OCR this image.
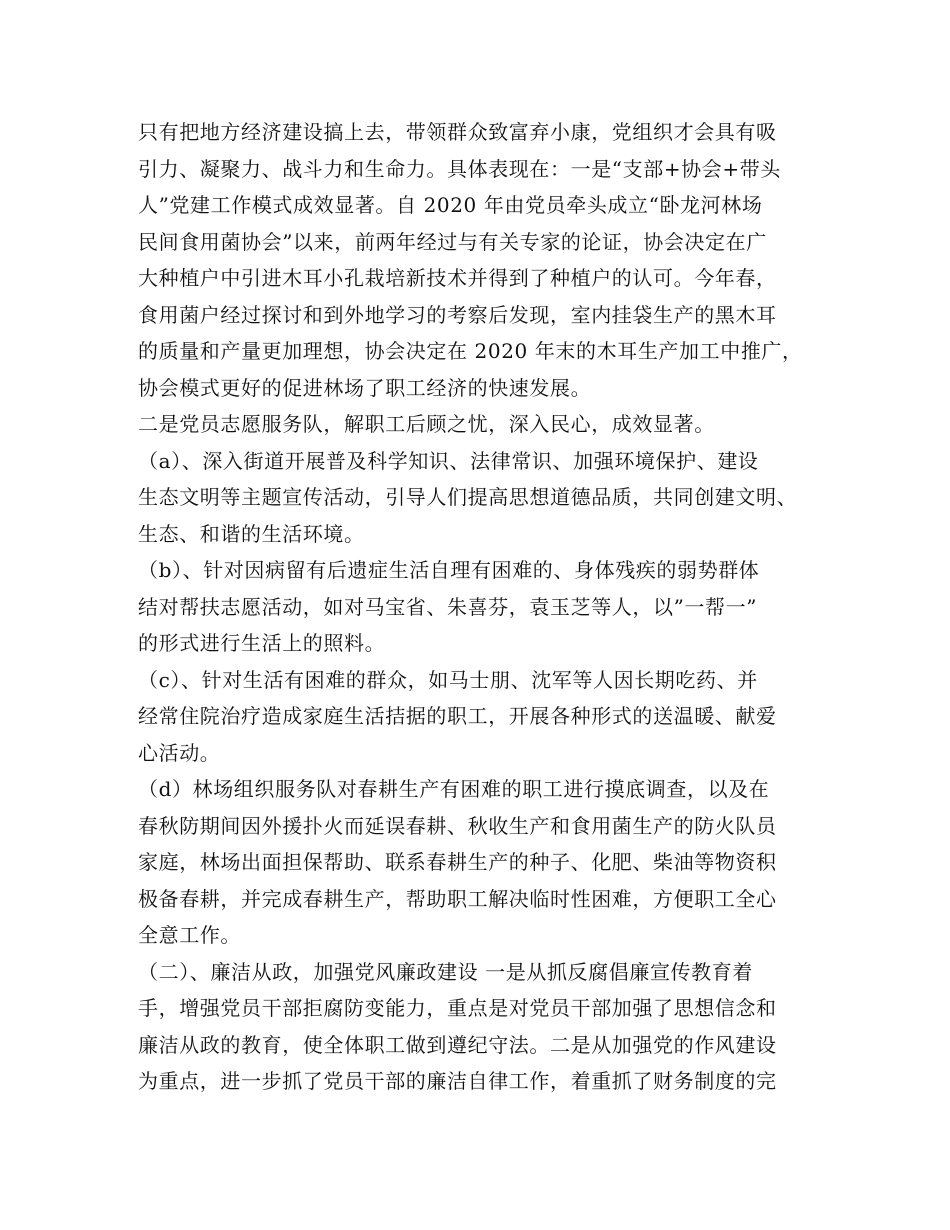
只有把地方经济建设搞上去，带领群众致富弃小康，党组织才会具有吸
引力、凝聚力、战斗力和生命力。具体表现在：一是“支部+协会+带头
人”党建工作模式成效显著。自 2020 年由党员牵头成立“卧龙河林场
民间食用菌协会”以来，前两年经过与有关专家的论证，协会决定在广
大种植户中引进木耳小孔栽培新技术并得到了种植户的认可。今年春，
食用菌户经过探讨和到外地学习的考察后发现，室内挂袋生产的黑木耳
的质量和产量更加理想，协会决定在 2020 年末的木耳生产加工中推广，
协会模式更好的促进林场了职工经济的快速发展。
二是党员志愿服务队，解职工后顾之忧，深入民心，成效显著。
（a）、深入街道开展普及科学知识、法律常识、加强环境保护、建设
生态文明等主题宣传活动，引导人们提高思想道德品质，共同创建文明、
生态、和谐的生活环境。
（b）、针对因病留有后遗症生活自理有困难的、身体残疾的弱势群体
结对帮扶志愿活动，如对马宝省、朱喜芬，袁玉芝等人，以”一帮一”
的形式进行生活上的照料。
（c）、针对生活有困难的群众，如马士朋、沈军等人因长期吃药、并
经常住院治疗造成家庭生活拮据的职工，开展各种形式的送温暖、献爱
心活动。
（d）林场组织服务队对春耕生产有困难的职工进行摸底调查，以及在
春秋防期间因外援扑火而延误春耕、秋收生产和食用菌生产的防火队员
家庭，林场出面担保帮助、联系春耕生产的种子、化肥、柴油等物资积
极备春耕，并完成春耕生产，帮助职工解决临时性困难，方便职工全心
全意工作。
（二）、廉洁从政，加强党风廉政建设 一是从抓反腐倡廉宣传教育着
手，增强党员干部拒腐防变能力，重点是对党员干部加强了思想信念和
廉洁从政的教育，使全体职工做到遵纪守法。二是从加强党的作风建设
为重点，进一步抓了党员干部的廉洁自律工作，着重抓了财务制度的完
